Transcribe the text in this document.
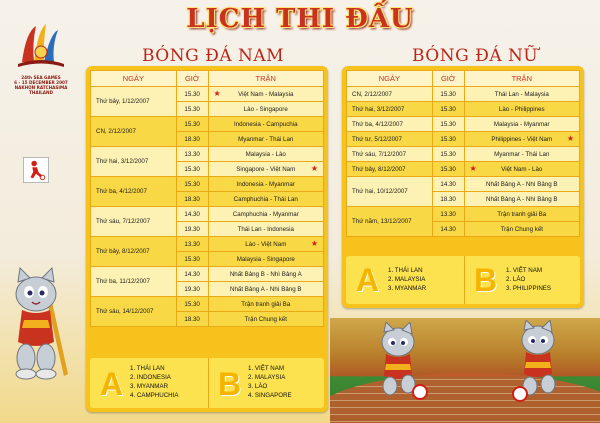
LỊCH THI ĐẤU
24th SEA GAMES
6 - 15 DECEMBER 2007
NAKHON RATCHASIMA
THAILAND
BÓNG ĐÁ NAM
NGÀY	GIỜ	TRẬN
Thứ bảy, 1/12/2007	15.30	Việt Nam - Malaysia
★

	15.30	Lào - Singapore
CN, 2/12/2007	15.30	Indonesia - Campuchia
	18.30	Myanmar - Thái Lan
Thứ hai, 3/12/2007	13.30	Malaysia - Lào
	15.30	Singapore - Việt Nam ★

Thứ ba, 4/12/2007	15.30	Indonesia - Myanmar
	18.30	Camphuchia - Thái Lan
Thứ sáu, 7/12/2007	14.30	Camphuchia - Myanmar
	19.30	Thái Lan - Indonesia
Thứ bảy, 8/12/2007	13.30	Lào - Việt Nam ★

	15.30	Malaysia - Singapore
Thứ ba, 11/12/2007	14.30	Nhất Bảng B - Nhì Bảng A
	19.30	Nhất Bảng A - Nhì Bảng B
Thứ sáu, 14/12/2007	15.30	Trận tranh giải Ba
	18.30	Trận Chung kết
A 1. THÁI LAN
2. INDONESIA
3. MYANMAR
4. CAMPHUCHIA B 1. VIỆT NAM
2. MALAYSIA
3. LÀO
4. SINGAPORE
BÓNG ĐÁ NỮ
NGÀY	GIỜ	TRẬN
CN, 2/12/2007	15.30	Thái Lan - Malaysia
Thứ hai, 3/12/2007	15.30	Lào - Philippines
Thứ ba, 4/12/2007	15.30	Malaysia - Myanmar
Thứ tư, 5/12/2007	15.30	Philippines - Việt Nam ★

Thứ sáu, 7/12/2007	15.30	Myanmar - Thái Lan
Thứ bảy, 8/12/2007	15.30	Việt Nam - Lào
★

Thứ hai, 10/12/2007	14.30	Nhất Bảng A - Nhì Bảng B
	18.30	Nhất Bảng A - Nhì Bảng B
Thứ năm, 13/12/2007	13.30	Trận tranh giải Ba
	14.30	Trận Chung kết
A 1. THÁI LAN
2. MALAYSIA
3. MYANMAR B 1. VIỆT NAM
2. LÀO
3. PHILIPPINES
